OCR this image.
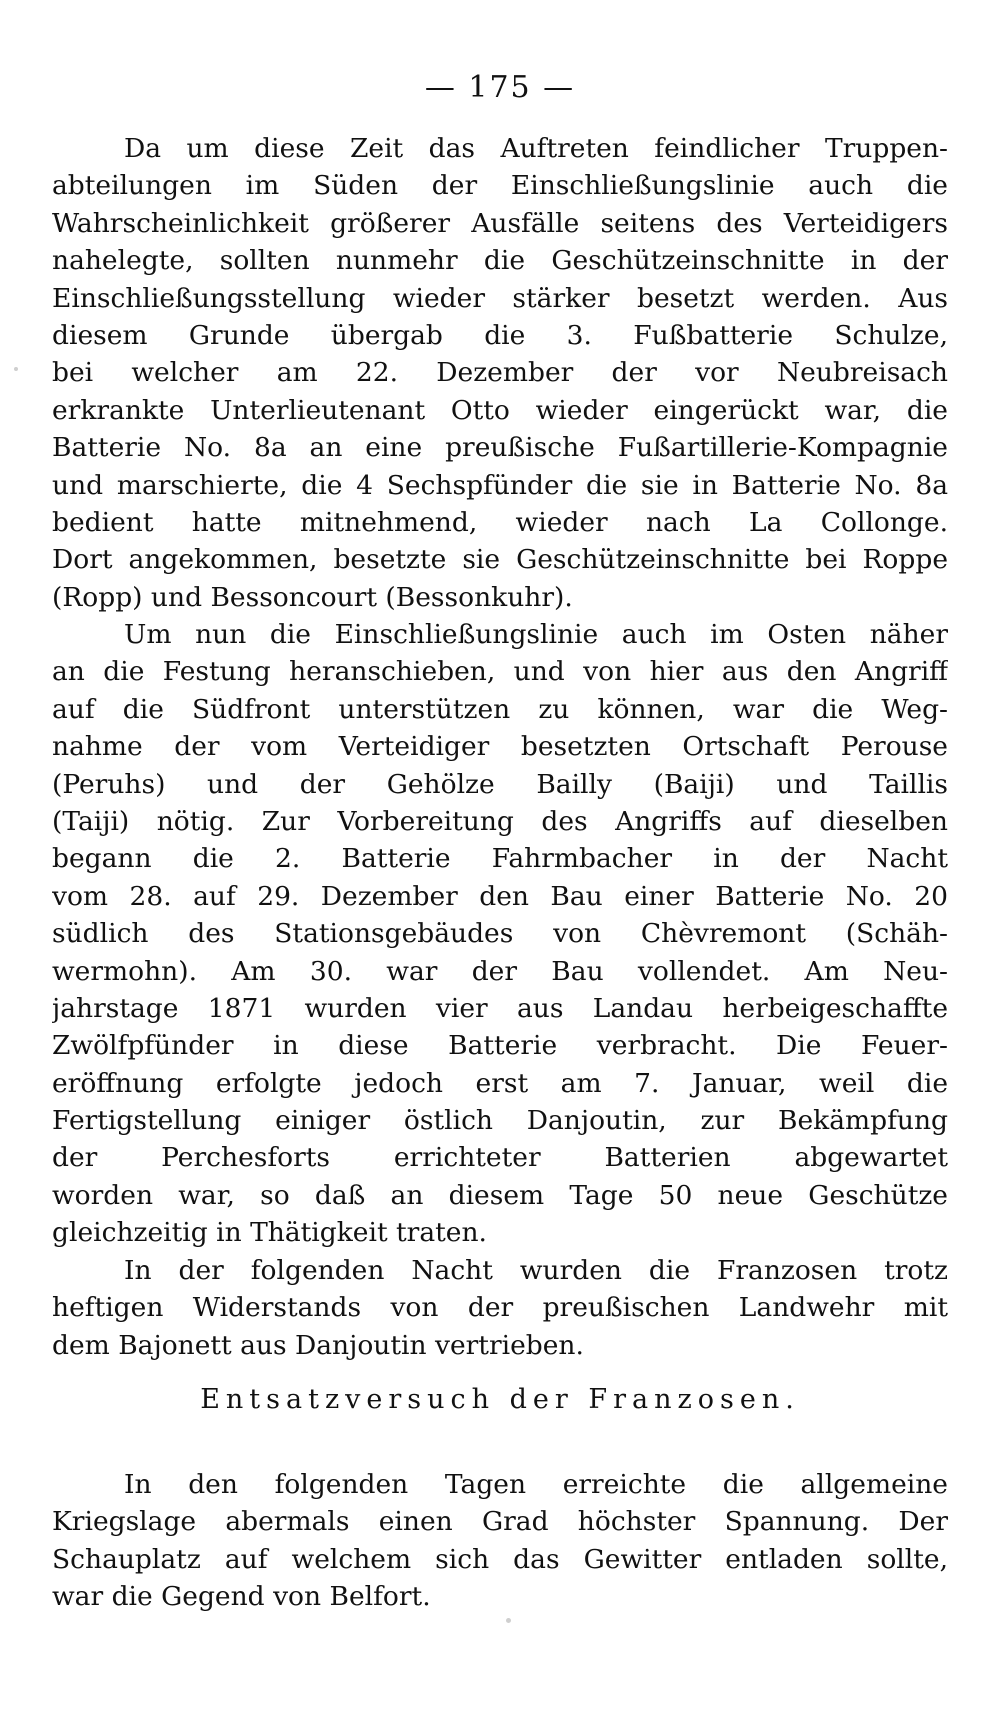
— 175 —
Da um diese Zeit das Auftreten feindlicher Truppen-
abteilungen im Süden der Einschließungslinie auch die
Wahrscheinlichkeit größerer Ausfälle seitens des Verteidigers
nahelegte, sollten nunmehr die Geschützeinschnitte in der
Einschließungsstellung wieder stärker besetzt werden. Aus
diesem Grunde übergab die 3. Fußbatterie Schulze,
bei welcher am 22. Dezember der vor Neubreisach
erkrankte Unterlieutenant Otto wieder eingerückt war, die
Batterie No. 8a an eine preußische Fußartillerie-Kompagnie
und marschierte, die 4 Sechspfünder die sie in Batterie No. 8a
bedient hatte mitnehmend, wieder nach La Collonge.
Dort angekommen, besetzte sie Geschützeinschnitte bei Roppe
(Ropp) und Bessoncourt (Bessonkuhr).
Um nun die Einschließungslinie auch im Osten näher
an die Festung heranschieben, und von hier aus den Angriff
auf die Südfront unterstützen zu können, war die Weg-
nahme der vom Verteidiger besetzten Ortschaft Perouse
(Peruhs) und der Gehölze Bailly (Baiji) und Taillis
(Taiji) nötig. Zur Vorbereitung des Angriffs auf dieselben
begann die 2. Batterie Fahrmbacher in der Nacht
vom 28. auf 29. Dezember den Bau einer Batterie No. 20
südlich des Stationsgebäudes von Chèvremont (Schäh-
wermohn). Am 30. war der Bau vollendet. Am Neu-
jahrstage 1871 wurden vier aus Landau herbeigeschaffte
Zwölfpfünder in diese Batterie verbracht. Die Feuer-
eröffnung erfolgte jedoch erst am 7. Januar, weil die
Fertigstellung einiger östlich Danjoutin, zur Bekämpfung
der Perchesforts errichteter Batterien abgewartet
worden war, so daß an diesem Tage 50 neue Geschütze
gleichzeitig in Thätigkeit traten.
In der folgenden Nacht wurden die Franzosen trotz
heftigen Widerstands von der preußischen Landwehr mit
dem Bajonett aus Danjoutin vertrieben.
Entsatzversuch der Franzosen.
In den folgenden Tagen erreichte die allgemeine
Kriegslage abermals einen Grad höchster Spannung. Der
Schauplatz auf welchem sich das Gewitter entladen sollte,
war die Gegend von Belfort.
